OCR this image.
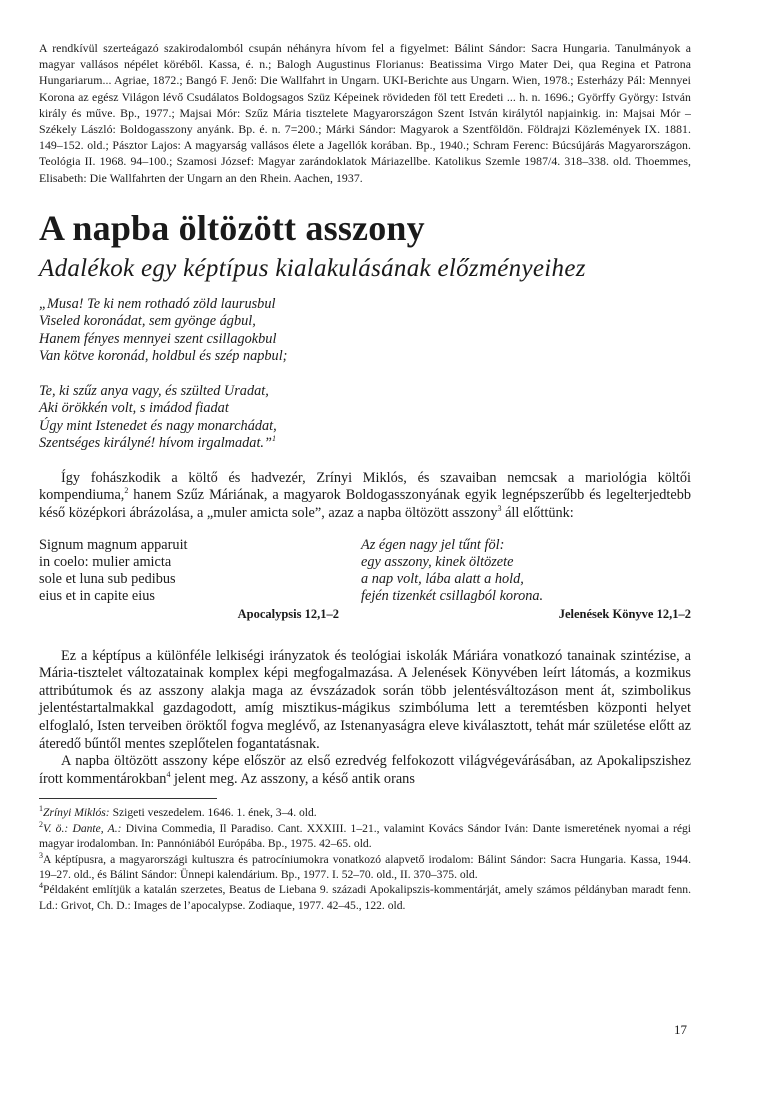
A rendkívül szerteágazó szakirodalomból csupán néhányra hívom fel a figyelmet: Bálint Sándor: Sacra Hungaria. Tanulmányok a magyar vallásos népélet köréből. Kassa, é. n.; Balogh Augustinus Florianus: Beatissima Virgo Mater Dei, qua Regina et Patrona Hungariarum... Agriae, 1872.; Bangó F. Jenő: Die Wallfahrt in Ungarn. UKI-Berichte aus Ungarn. Wien, 1978.; Esterházy Pál: Mennyei Korona az egész Világon lévő Csudálatos Boldogsagos Szüz Képeinek rövideden föl tett Eredeti ... h. n. 1696.; Györffy György: István király és műve. Bp., 1977.; Majsai Mór: Szűz Mária tisztelete Magyarországon Szent István királytól napjainkig. in: Majsai Mór – Székely László: Boldogasszony anyánk. Bp. é. n. 7=200.; Márki Sándor: Magyarok a Szentföldön. Földrajzi Közlemények IX. 1881. 149–152. old.; Pásztor Lajos: A magyarság vallásos élete a Jagellók korában. Bp., 1940.; Schram Ferenc: Búcsújárás Magyarországon. Teológia II. 1968. 94–100.; Szamosi József: Magyar zarándoklatok Máriazellbe. Katolikus Szemle 1987/4. 318–338. old. Thoemmes, Elisabeth: Die Wallfahrten der Ungarn an den Rhein. Aachen, 1937.

A napba öltözött asszony
Adalékok egy képtípus kialakulásának előzményeihez
„Musa! Te ki nem rothadó zöld laurusbul
Viseled koronádat, sem gyönge ágbul,
Hanem fényes mennyei szent csillagokbul
Van kötve koronád, holdbul és szép napbul;
Te, ki szűz anya vagy, és szülted Uradat,
Aki örökkén volt, s imádod fiadat
Úgy mint Istenedet és nagy monarchádat,
Szentséges királyné! hívom irgalmadat.”$^1$

Így fohászkodik a költő és hadvezér, Zrínyi Miklós, és szavaiban nemcsak a mariológia költői kompendiuma,$^2$ hanem Szűz Máriának, a magyarok Boldogasszonyának egyik legnépszerűbb és legelterjedtebb késő középkori ábrázolása, a „muler amicta sole”, azaz a napba öltözött asszony$^3$ áll előttünk:

Signum magnum apparuit
in coelo: mulier amicta
sole et luna sub pedibus
eius et in capite eius
Apocalypsis 12,1–2
Az égen nagy jel tűnt föl:
egy asszony, kinek öltözete
a nap volt, lába alatt a hold,
fején tizenkét csillagból korona.
Jelenések Könyve 12,1–2

Ez a képtípus a különféle lelkiségi irányzatok és teológiai iskolák Máriára vonatkozó tanainak szintézise, a Mária-tisztelet változatainak komplex képi megfogalmazása. A Jelenések Könyvében leírt látomás, a kozmikus attribútumok és az asszony alakja maga az évszázadok során több jelentésváltozáson ment át, szimbolikus jelentéstartalmakkal gazdagodott, amíg misztikus-mágikus szimbóluma lett a teremtésben központi helyet elfoglaló, Isten terveiben öröktől fogva meglévő, az Istenanyaságra eleve kiválasztott, tehát már születése előtt az áteredő bűntől mentes szeplőtelen fogantatásnak.

A napba öltözött asszony képe először az első ezredvég felfokozott világvégevárásában, az Apokalipszishez írott kommentárokban$^4$ jelent meg. Az asszony, a késő antik orans

$^1$Zrínyi Miklós: Szigeti veszedelem. 1646. 1. ének, 3–4. old.

$^2$V. ö.: Dante, A.: Divina Commedia, Il Paradiso. Cant. XXXIII. 1–21., valamint Kovács Sándor Iván: Dante ismeretének nyomai a régi magyar irodalomban. In: Pannóniából Európába. Bp., 1975. 42–65. old.

$^3$A képtípusra, a magyarországi kultuszra és patrocíniumokra vonatkozó alapvető irodalom: Bálint Sándor: Sacra Hungaria. Kassa, 1944. 19–27. old., és Bálint Sándor: Ünnepi kalendárium. Bp., 1977. I. 52–70. old., II. 370–375. old.

$^4$Példaként említjük a katalán szerzetes, Beatus de Liebana 9. századi Apokalipszis-kommentárját, amely számos példányban maradt fenn. Ld.: Grivot, Ch. D.: Images de l’apocalypse. Zodiaque, 1977. 42–45., 122. old.

17
